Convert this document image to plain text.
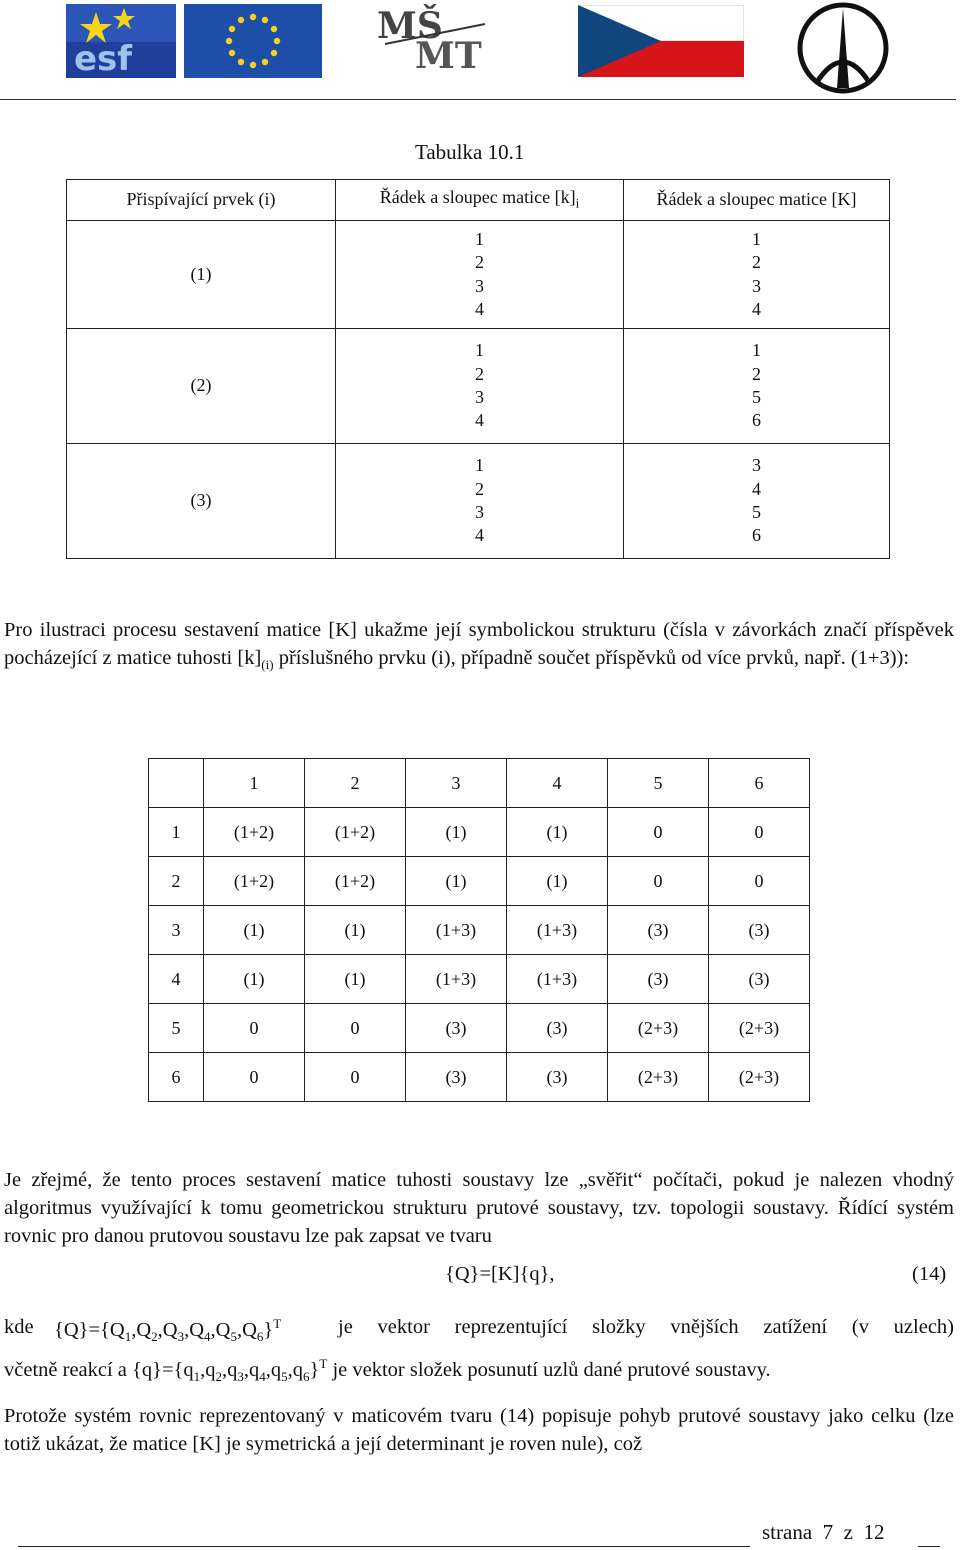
esf
MŠ
MT
Tabulka 10.1
Přispívající prvek (i)	Řádek a sloupec matice $[k]_i$	Řádek a sloupec matice [K]
(1)	1
2
3
4	1
2
3
4
(2)	1
2
3
4	1
2
5
6
(3)	1
2
3
4	3
4
5
6
Pro ilustraci procesu sestavení matice [K] ukažme její symbolickou strukturu (čísla v závorkách značí příspěvek pocházející z matice tuhosti $[k]_{(i)}$ příslušného prvku (i), případně součet příspěvků od více prvků, např. (1+3)):
	1	2	3	4	5	6
1	(1+2)	(1+2)	(1)	(1)	0	0
2	(1+2)	(1+2)	(1)	(1)	0	0
3	(1)	(1)	(1+3)	(1+3)	(3)	(3)
4	(1)	(1)	(1+3)	(1+3)	(3)	(3)
5	0	0	(3)	(3)	(2+3)	(2+3)
6	0	0	(3)	(3)	(2+3)	(2+3)
Je zřejmé, že tento proces sestavení matice tuhosti soustavy lze „svěřit“ počítači, pokud je nalezen vhodný algoritmus využívající k tomu geometrickou strukturu prutové soustavy, tzv. topologii soustavy. Řídící systém rovnic pro danou prutovou soustavu lze pak zapsat ve tvaru
{Q}=[K]{q},	(14)
kde $\{Q\}=\{Q_1,Q_2,Q_3,Q_4,Q_5,Q_6\}^T$	je vektor reprezentující složky vnějších zatížení (v uzlech)
včetně reakcí a $\{q\}=\{q_1,q_2,q_3,q_4,q_5,q_6\}^T$ je vektor složek posunutí uzlů dané prutové soustavy.
Protože systém rovnic reprezentovaný v maticovém tvaru (14) popisuje pohyb prutové soustavy jako celku (lze totiž ukázat, že matice [K] je symetrická a její determinant je roven nule), což
strana 7 z 12
